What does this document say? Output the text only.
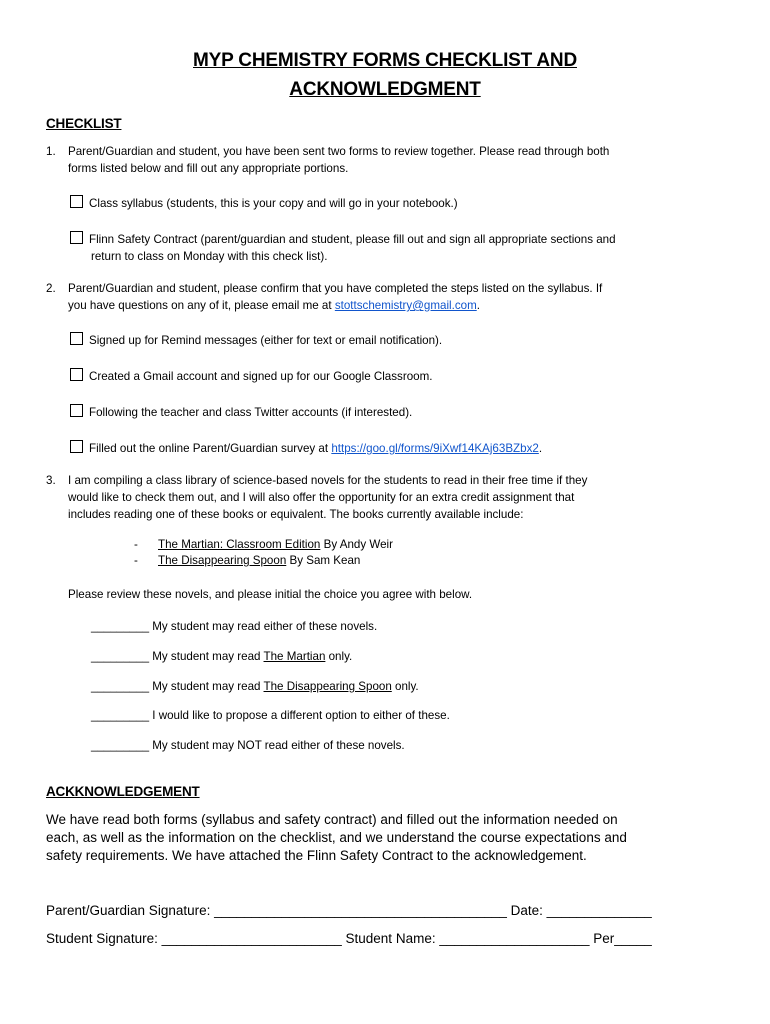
MYP CHEMISTRY FORMS CHECKLIST AND
ACKNOWLEDGMENT
CHECKLIST
1. Parent/Guardian and student, you have been sent two forms to review together. Please read through both
forms listed below and fill out any appropriate portions.
Class syllabus (students, this is your copy and will go in your notebook.)
Flinn Safety Contract (parent/guardian and student, please fill out and sign all appropriate sections and
return to class on Monday with this check list).
2. Parent/Guardian and student, please confirm that you have completed the steps listed on the syllabus. If
you have questions on any of it, please email me at stottschemistry@gmail.com.
Signed up for Remind messages (either for text or email notification).
Created a Gmail account and signed up for our Google Classroom.
Following the teacher and class Twitter accounts (if interested).
Filled out the online Parent/Guardian survey at https://goo.gl/forms/9iXwf14KAj63BZbx2.
3. I am compiling a class library of science-based novels for the students to read in their free time if they
would like to check them out, and I will also offer the opportunity for an extra credit assignment that
includes reading one of these books or equivalent. The books currently available include:
- The Martian: Classroom Edition By Andy Weir
- The Disappearing Spoon By Sam Kean
Please review these novels, and please initial the choice you agree with below.
_________ My student may read either of these novels.
_________ My student may read The Martian only.
_________ My student may read The Disappearing Spoon only.
_________ I would like to propose a different option to either of these.
_________ My student may NOT read either of these novels.
ACKKNOWLEDGEMENT
We have read both forms (syllabus and safety contract) and filled out the information needed on
each, as well as the information on the checklist, and we understand the course expectations and
safety requirements. We have attached the Flinn Safety Contract to the acknowledgement.
Parent/Guardian Signature: _______________________________________ Date: ______________
Student Signature: ________________________ Student Name: ____________________ Per_____
